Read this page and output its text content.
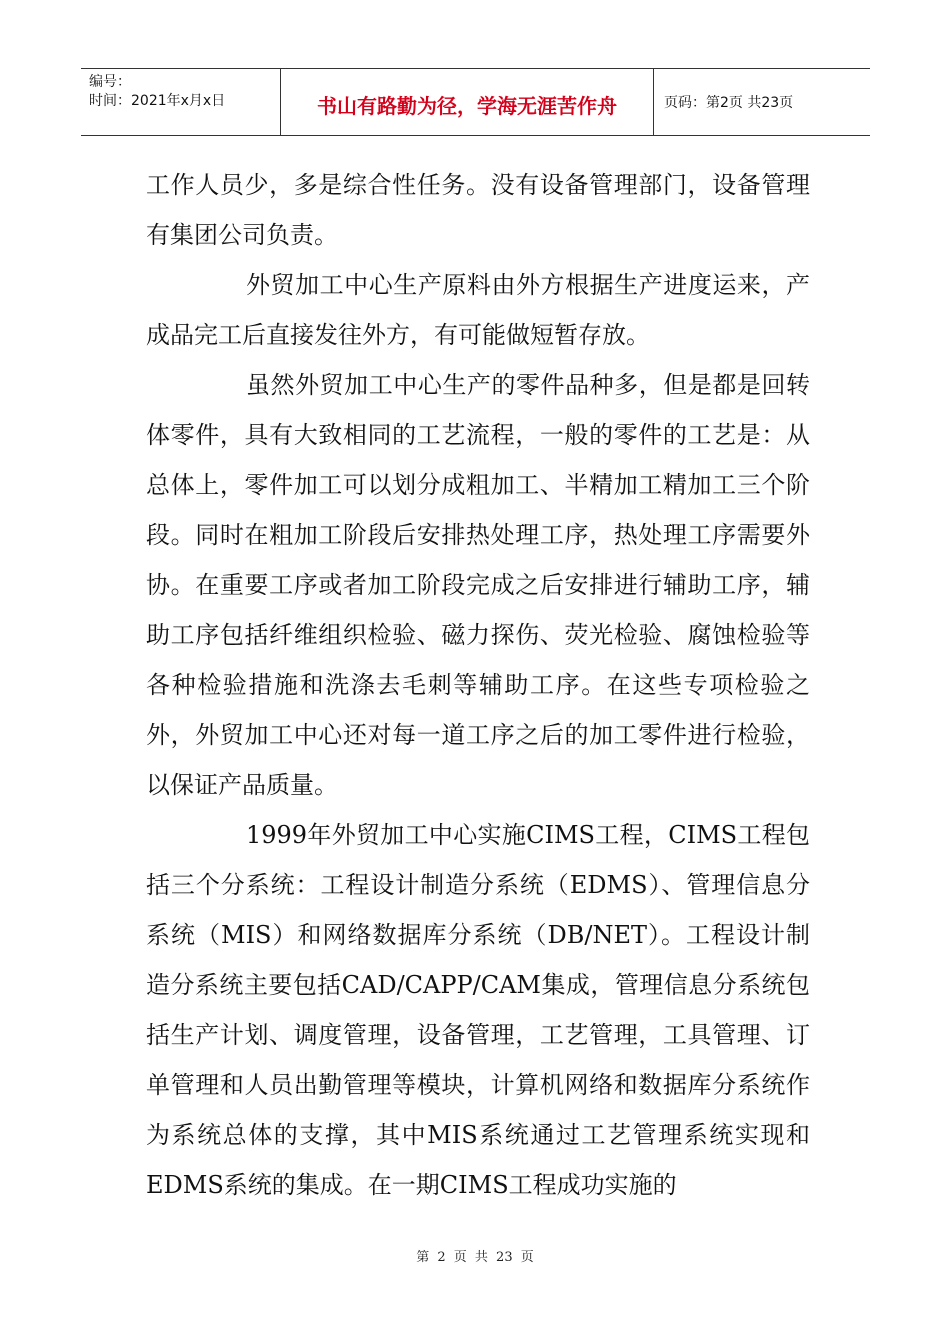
编号：
时间：2021年x月x日	书山有路勤为径，学海无涯苦作舟	页码：第2页 共23页

工作人员少，多是综合性任务。没有设备管理部门，设备管理有集团公司负责。

外贸加工中心生产原料由外方根据生产进度运来，产成品完工后直接发往外方，有可能做短暂存放。

虽然外贸加工中心生产的零件品种多，但是都是回转体零件，具有大致相同的工艺流程，一般的零件的工艺是：从总体上，零件加工可以划分成粗加工、半精加工精加工三个阶段。同时在粗加工阶段后安排热处理工序，热处理工序需要外协。在重要工序或者加工阶段完成之后安排进行辅助工序，辅助工序包括纤维组织检验、磁力探伤、荧光检验、腐蚀检验等各种检验措施和洗涤去毛刺等辅助工序。在这些专项检验之外，外贸加工中心还对每一道工序之后的加工零件进行检验，以保证产品质量。

1999年外贸加工中心实施CIMS工程，CIMS工程包括三个分系统：工程设计制造分系统（EDMS）、管理信息分系统（MIS）和网络数据库分系统（DB/NET）。工程设计制造分系统主要包括CAD/CAPP/CAM集成，管理信息分系统包括生产计划、调度管理，设备管理，工艺管理，工具管理、订单管理和人员出勤管理等模块，计算机网络和数据库分系统作为系统总体的支撑，其中MIS系统通过工艺管理系统实现和EDMS系统的集成。在一期CIMS工程成功实施的

第 2 页 共 23 页
